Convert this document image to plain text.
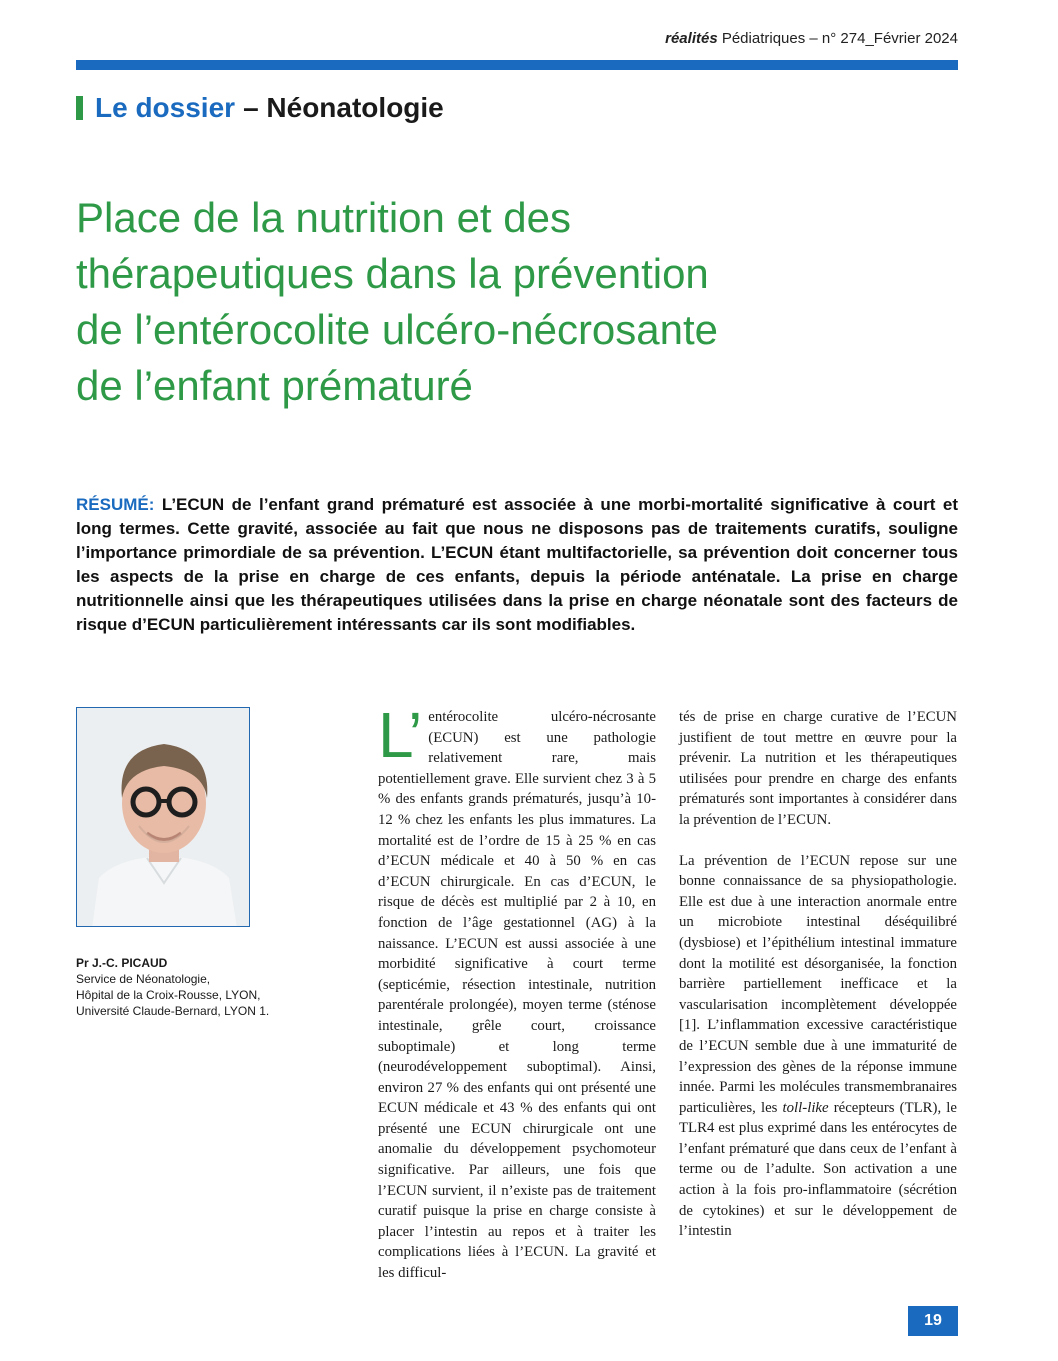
réalités Pédiatriques – n° 274_Février 2024
Le dossier – Néonatologie
Place de la nutrition et des
thérapeutiques dans la prévention
de l’entérocolite ulcéro-nécrosante
de l’enfant prématuré

RÉSUMÉ: L’ECUN de l’enfant grand prématuré est associée à une morbi-mortalité significative à court et long termes. Cette gravité, associée au fait que nous ne disposons pas de traitements curatifs, souligne l’importance primordiale de sa prévention. L’ECUN étant multifactorielle, sa prévention doit concerner tous les aspects de la prise en charge de ces enfants, depuis la période anténatale. La prise en charge nutritionnelle ainsi que les thérapeutiques utilisées dans la prise en charge néonatale sont des facteurs de risque d’ECUN particulièrement intéressants car ils sont modifiables.

Pr J.-C. PICAUD
Service de Néonatologie,
Hôpital de la Croix-Rousse, LYON,
Université Claude-Bernard, LYON 1.

L’ entérocolite ulcéro-nécrosante (ECUN) est une pathologie relativement rare, mais potentiellement grave. Elle survient chez 3 à 5 % des enfants grands prématurés, jusqu’à 10-12 % chez les enfants les plus immatures. La mortalité est de l’ordre de 15 à 25 % en cas d’ECUN médicale et 40 à 50 % en cas d’ECUN chirurgicale. En cas d’ECUN, le risque de décès est multiplié par 2 à 10, en fonction de l’âge gestationnel (AG) à la naissance. L’ECUN est aussi associée à une morbidité significative à court terme (septicémie, résection intestinale, nutrition parentérale prolongée), moyen terme (sténose intestinale, grêle court, croissance suboptimale) et long terme (neurodéveloppement suboptimal). Ainsi, environ 27 % des enfants qui ont présenté une ECUN médicale et 43 % des enfants qui ont présenté une ECUN chirurgicale ont une anomalie du développement psychomoteur significative. Par ailleurs, une fois que l’ECUN survient, il n’existe pas de traitement curatif puisque la prise en charge consiste à placer l’intestin au repos et à traiter les complications liées à l’ECUN. La gravité et les difficul-

tés de prise en charge curative de l’ECUN justifient de tout mettre en œuvre pour la prévenir. La nutrition et les thérapeutiques utilisées pour prendre en charge des enfants prématurés sont importantes à considérer dans la prévention de l’ECUN.

La prévention de l’ECUN repose sur une bonne connaissance de sa physiopathologie. Elle est due à une interaction anormale entre un microbiote intestinal déséquilibré (dysbiose) et l’épithélium intestinal immature dont la motilité est désorganisée, la fonction barrière partiellement inefficace et la vascularisation incomplètement développée [1]. L’inflammation excessive caractéristique de l’ECUN semble due à une immaturité de l’expression des gènes de la réponse immune innée. Parmi les molécules transmembranaires particulières, les toll-like récepteurs (TLR), le TLR4 est plus exprimé dans les entérocytes de l’enfant prématuré que dans ceux de l’enfant à terme ou de l’adulte. Son activation a une action à la fois pro-inflammatoire (sécrétion de cytokines) et sur le développement de l’intestin

19
